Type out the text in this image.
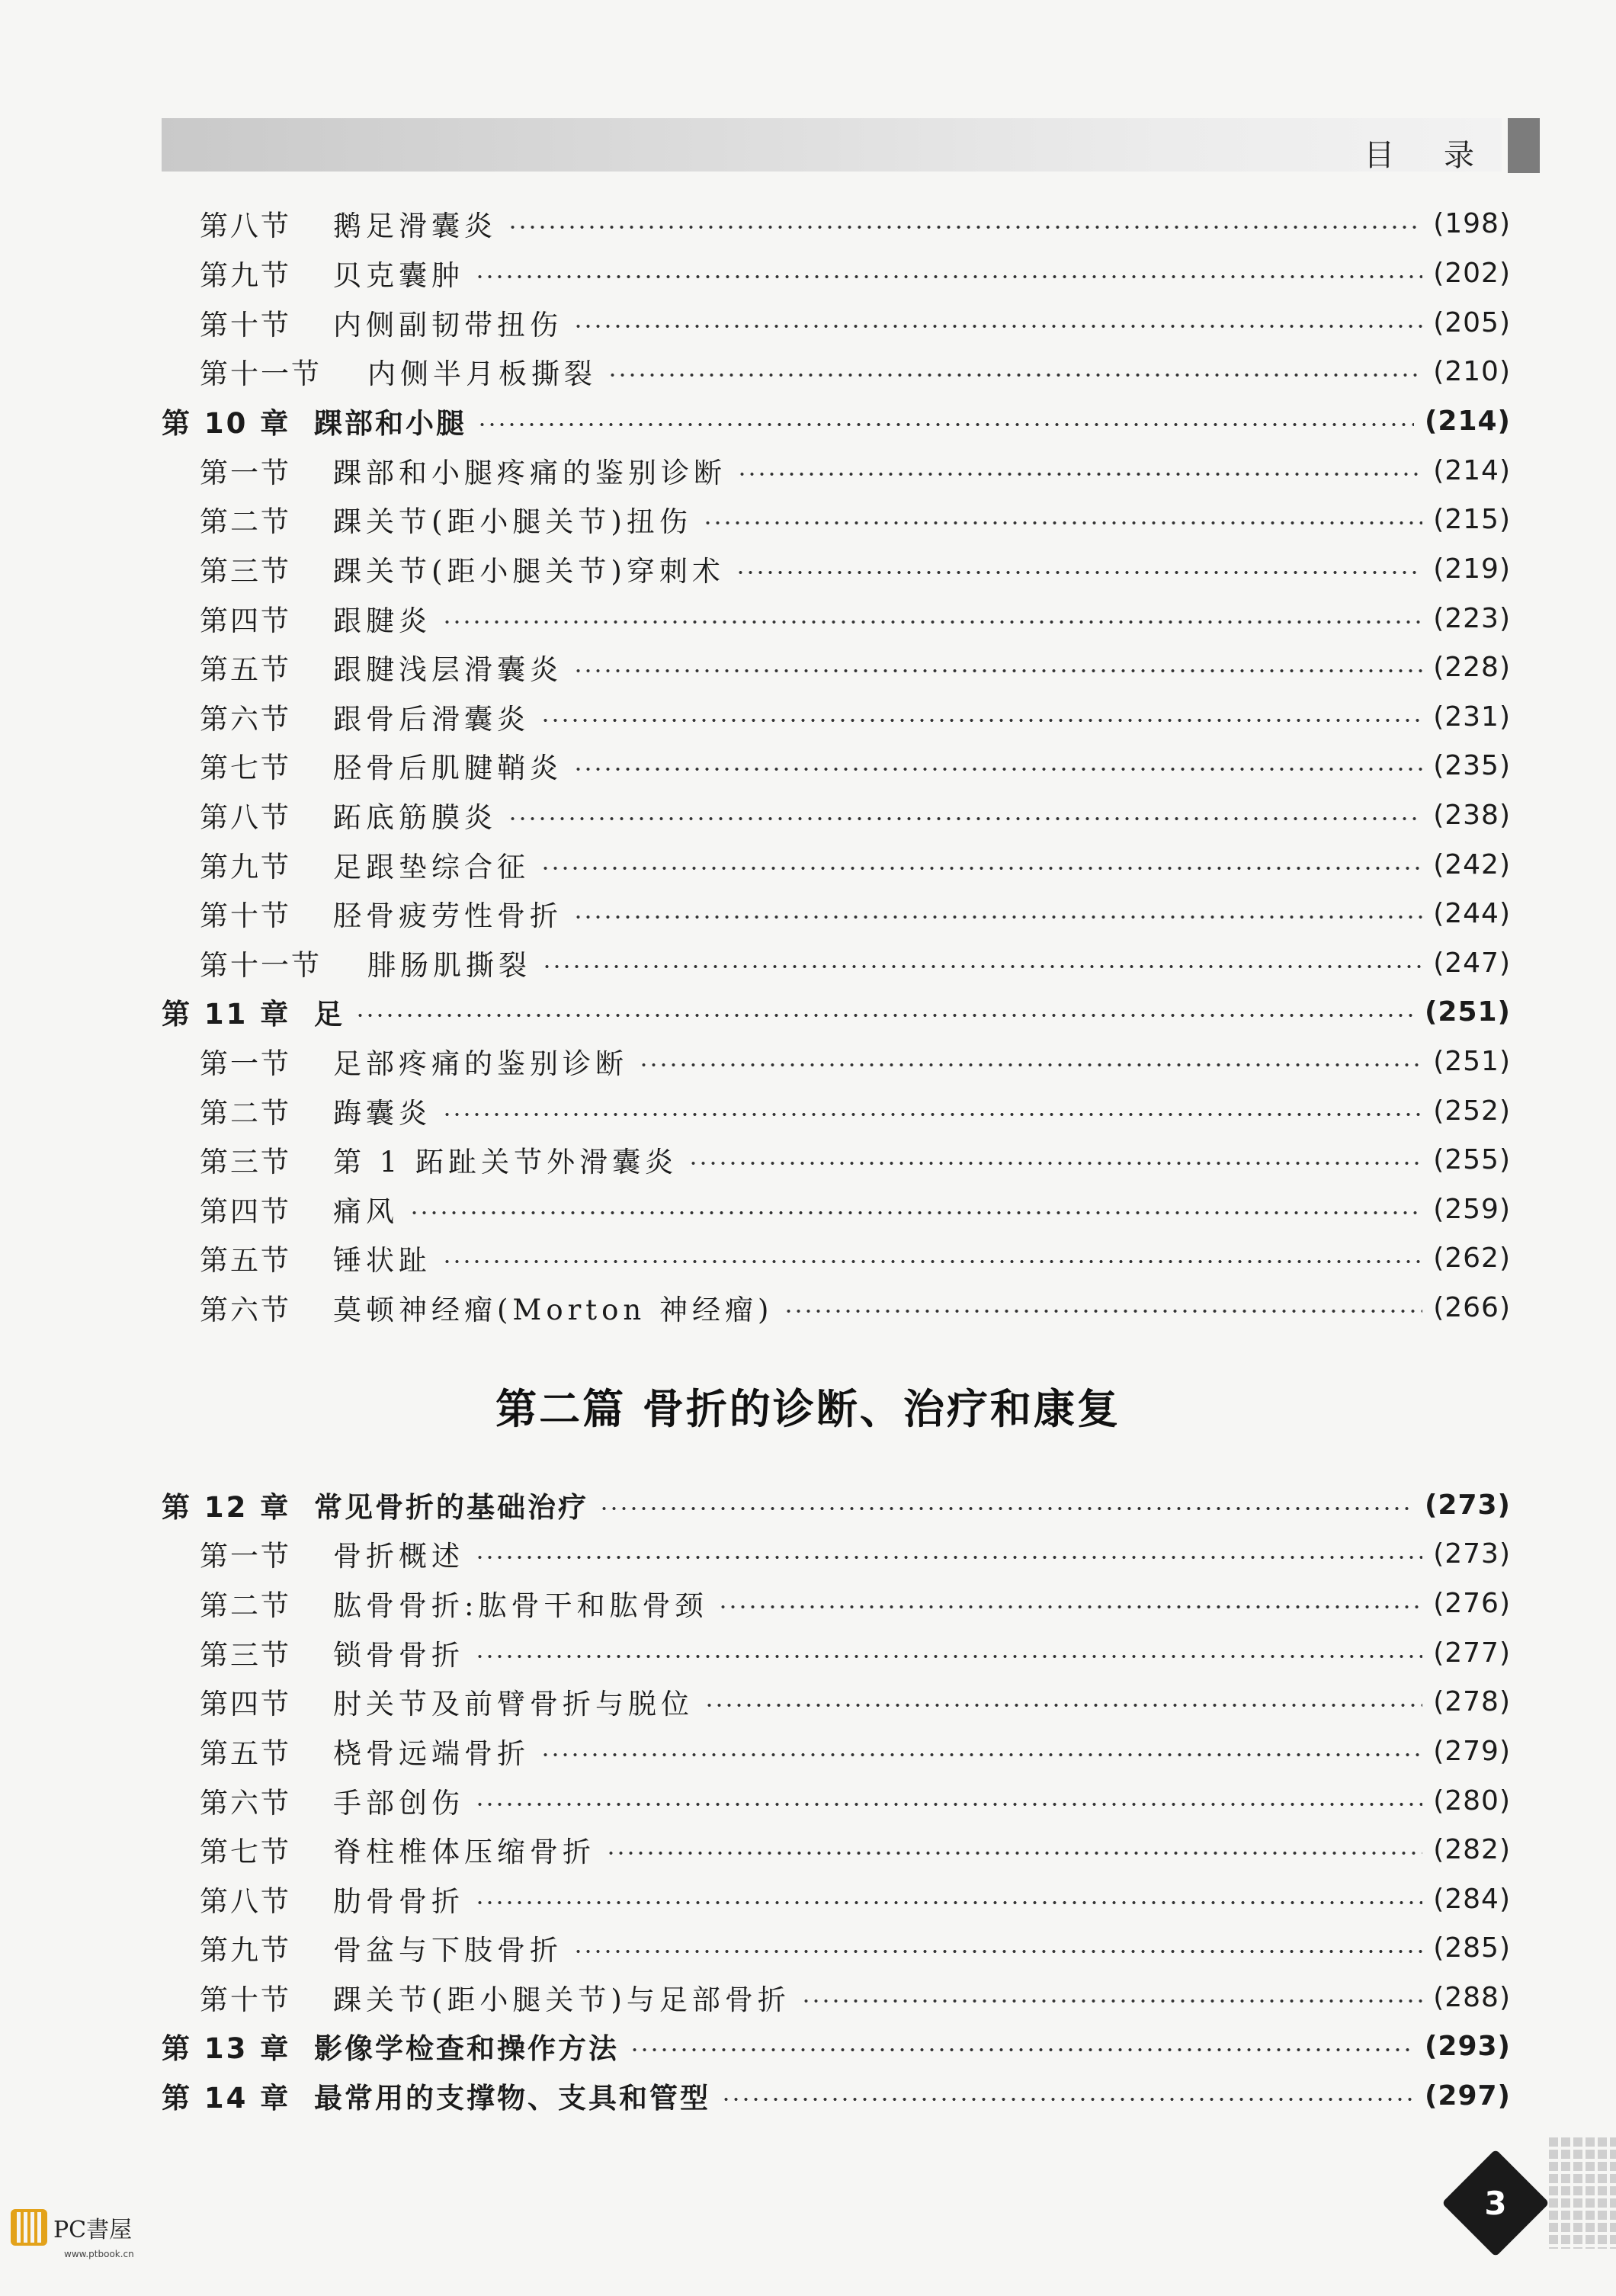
目 录
第八节	鹅足滑囊炎	(198)
第九节	贝克囊肿	(202)
第十节	内侧副韧带扭伤	(205)
第十一节	内侧半月板撕裂	(210)
第 10 章 踝部和小腿	(214)
第一节	踝部和小腿疼痛的鉴别诊断	(214)
第二节	踝关节(距小腿关节)扭伤	(215)
第三节	踝关节(距小腿关节)穿刺术	(219)
第四节	跟腱炎	(223)
第五节	跟腱浅层滑囊炎	(228)
第六节	跟骨后滑囊炎	(231)
第七节	胫骨后肌腱鞘炎	(235)
第八节	跖底筋膜炎	(238)
第九节	足跟垫综合征	(242)
第十节	胫骨疲劳性骨折	(244)
第十一节	腓肠肌撕裂	(247)
第 11 章 足	(251)
第一节	足部疼痛的鉴别诊断	(251)
第二节	踇囊炎	(252)
第三节	第 1 跖趾关节外滑囊炎	(255)
第四节	痛风	(259)
第五节	锤状趾	(262)
第六节	莫顿神经瘤(Morton 神经瘤)	(266)
第二篇 骨折的诊断、治疗和康复
第 12 章 常见骨折的基础治疗	(273)
第一节	骨折概述	(273)
第二节	肱骨骨折:肱骨干和肱骨颈	(276)
第三节	锁骨骨折	(277)
第四节	肘关节及前臂骨折与脱位	(278)
第五节	桡骨远端骨折	(279)
第六节	手部创伤	(280)
第七节	脊柱椎体压缩骨折	(282)
第八节	肋骨骨折	(284)
第九节	骨盆与下肢骨折	(285)
第十节	踝关节(距小腿关节)与足部骨折	(288)
第 13 章 影像学检查和操作方法	(293)
第 14 章 最常用的支撑物、支具和管型	(297)
3
PC書屋
www.ptbook.cn
